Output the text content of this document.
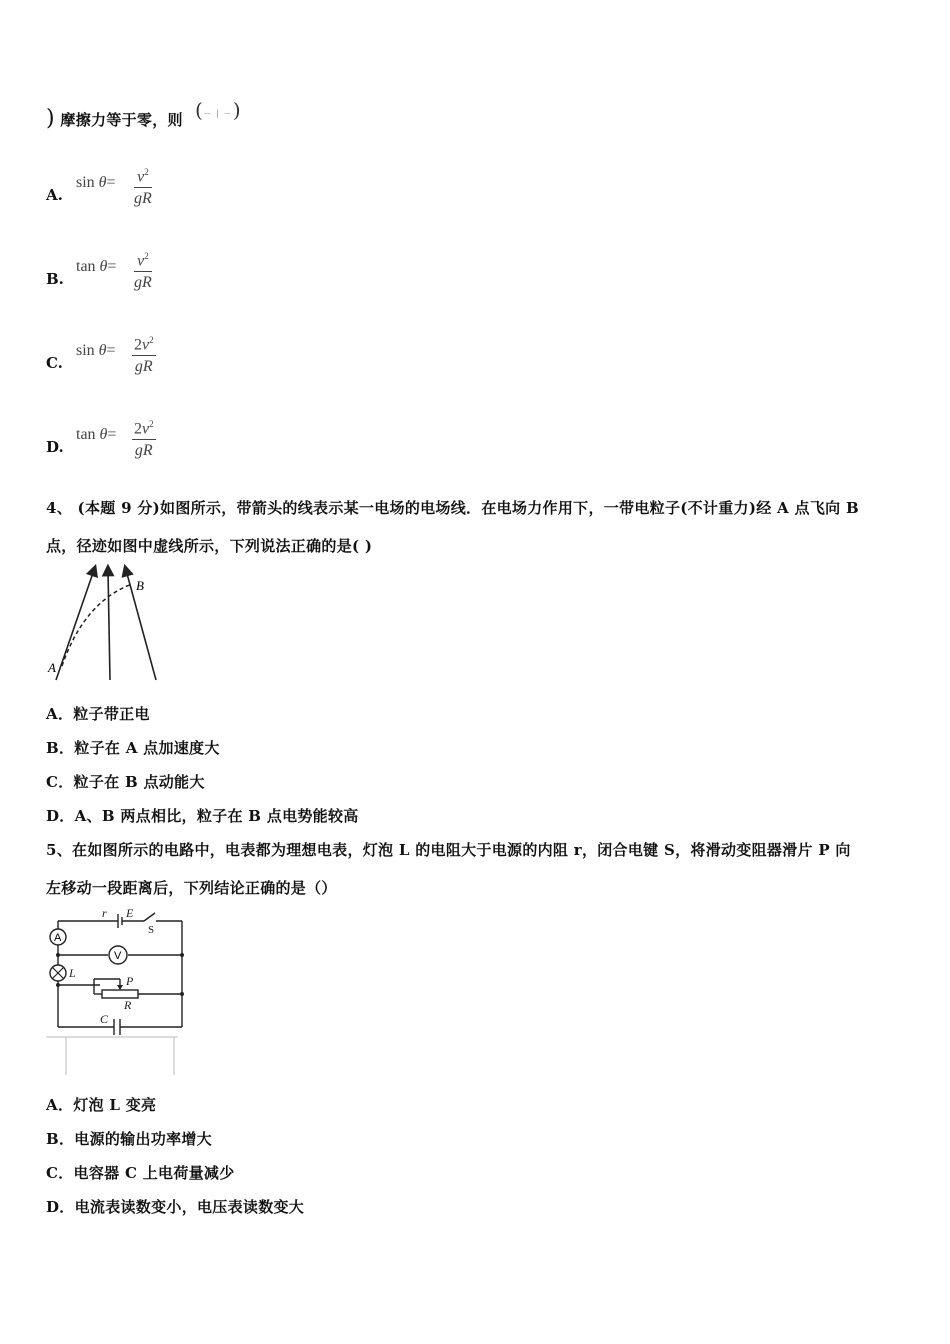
) 摩擦力等于零，则 (ㄧ丨ㄧ)
A.
$\sin \theta= \frac{v^2}{gR}$
B.
$\tan \theta= \frac{v^2}{gR}$
C.
$\sin \theta= \frac{2v^2}{gR}$
D.
$\tan \theta= \frac{2v^2}{gR}$
4、 (本题 9 分)如图所示，带箭头的线表示某一电场的电场线．在电场力作用下，一带电粒子(不计重力)经 A 点飞向 B
点，径迹如图中虚线所示，下列说法正确的是( )
A
B
A．粒子带正电
B．粒子在 A 点加速度大
C．粒子在 B 点动能大
D．A、B 两点相比，粒子在 B 点电势能较高
5、在如图所示的电路中，电表都为理想电表，灯泡 L 的电阻大于电源的内阻 r，闭合电键 S，将滑动变阻器滑片 P 向
左移动一段距离后，下列结论正确的是（）
A
V
r E
S
L
P
R
C
A．灯泡 L 变亮
B．电源的输出功率增大
C．电容器 C 上电荷量减少
D．电流表读数变小，电压表读数变大
